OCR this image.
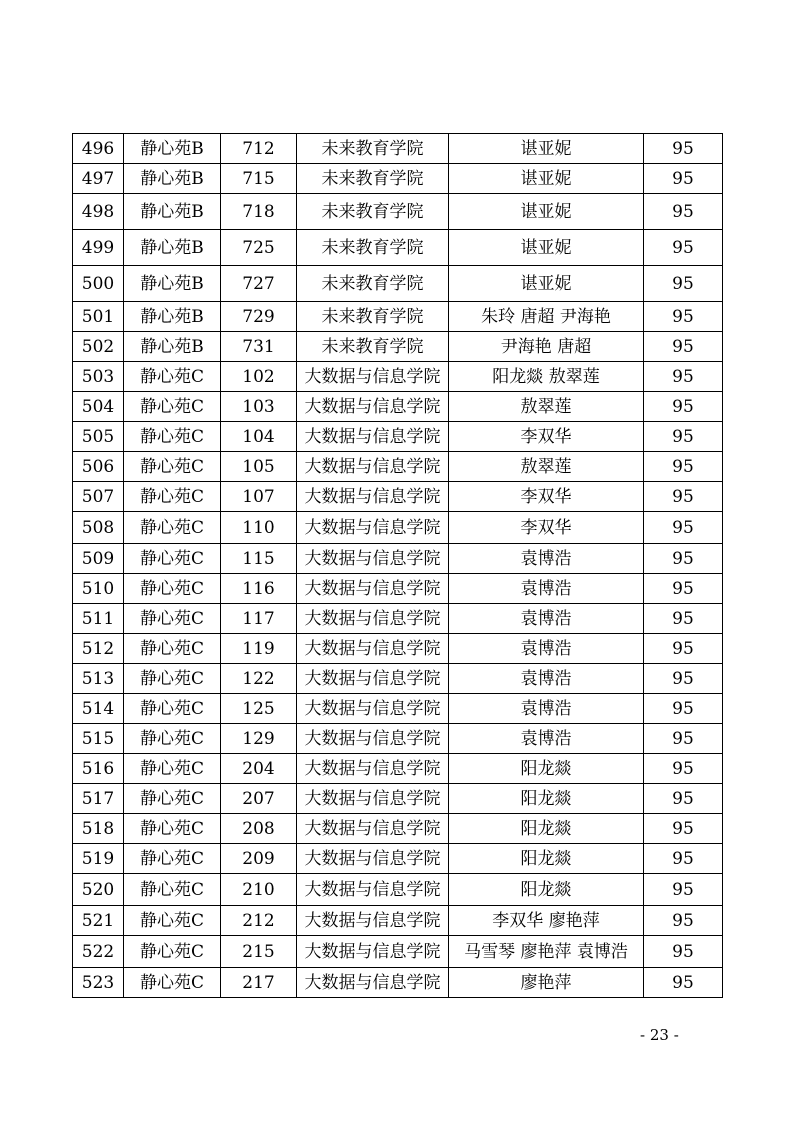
496	静心苑B	712	未来教育学院	谌亚妮	95
497	静心苑B	715	未来教育学院	谌亚妮	95
498	静心苑B	718	未来教育学院	谌亚妮	95
499	静心苑B	725	未来教育学院	谌亚妮	95
500	静心苑B	727	未来教育学院	谌亚妮	95
501	静心苑B	729	未来教育学院	朱玲 唐超 尹海艳	95
502	静心苑B	731	未来教育学院	尹海艳 唐超	95
503	静心苑C	102	大数据与信息学院	阳龙燚 敖翠莲	95
504	静心苑C	103	大数据与信息学院	敖翠莲	95
505	静心苑C	104	大数据与信息学院	李双华	95
506	静心苑C	105	大数据与信息学院	敖翠莲	95
507	静心苑C	107	大数据与信息学院	李双华	95
508	静心苑C	110	大数据与信息学院	李双华	95
509	静心苑C	115	大数据与信息学院	袁博浩	95
510	静心苑C	116	大数据与信息学院	袁博浩	95
511	静心苑C	117	大数据与信息学院	袁博浩	95
512	静心苑C	119	大数据与信息学院	袁博浩	95
513	静心苑C	122	大数据与信息学院	袁博浩	95
514	静心苑C	125	大数据与信息学院	袁博浩	95
515	静心苑C	129	大数据与信息学院	袁博浩	95
516	静心苑C	204	大数据与信息学院	阳龙燚	95
517	静心苑C	207	大数据与信息学院	阳龙燚	95
518	静心苑C	208	大数据与信息学院	阳龙燚	95
519	静心苑C	209	大数据与信息学院	阳龙燚	95
520	静心苑C	210	大数据与信息学院	阳龙燚	95
521	静心苑C	212	大数据与信息学院	李双华 廖艳萍	95
522	静心苑C	215	大数据与信息学院	马雪琴 廖艳萍 袁博浩	95
523	静心苑C	217	大数据与信息学院	廖艳萍	95
- 23 -
